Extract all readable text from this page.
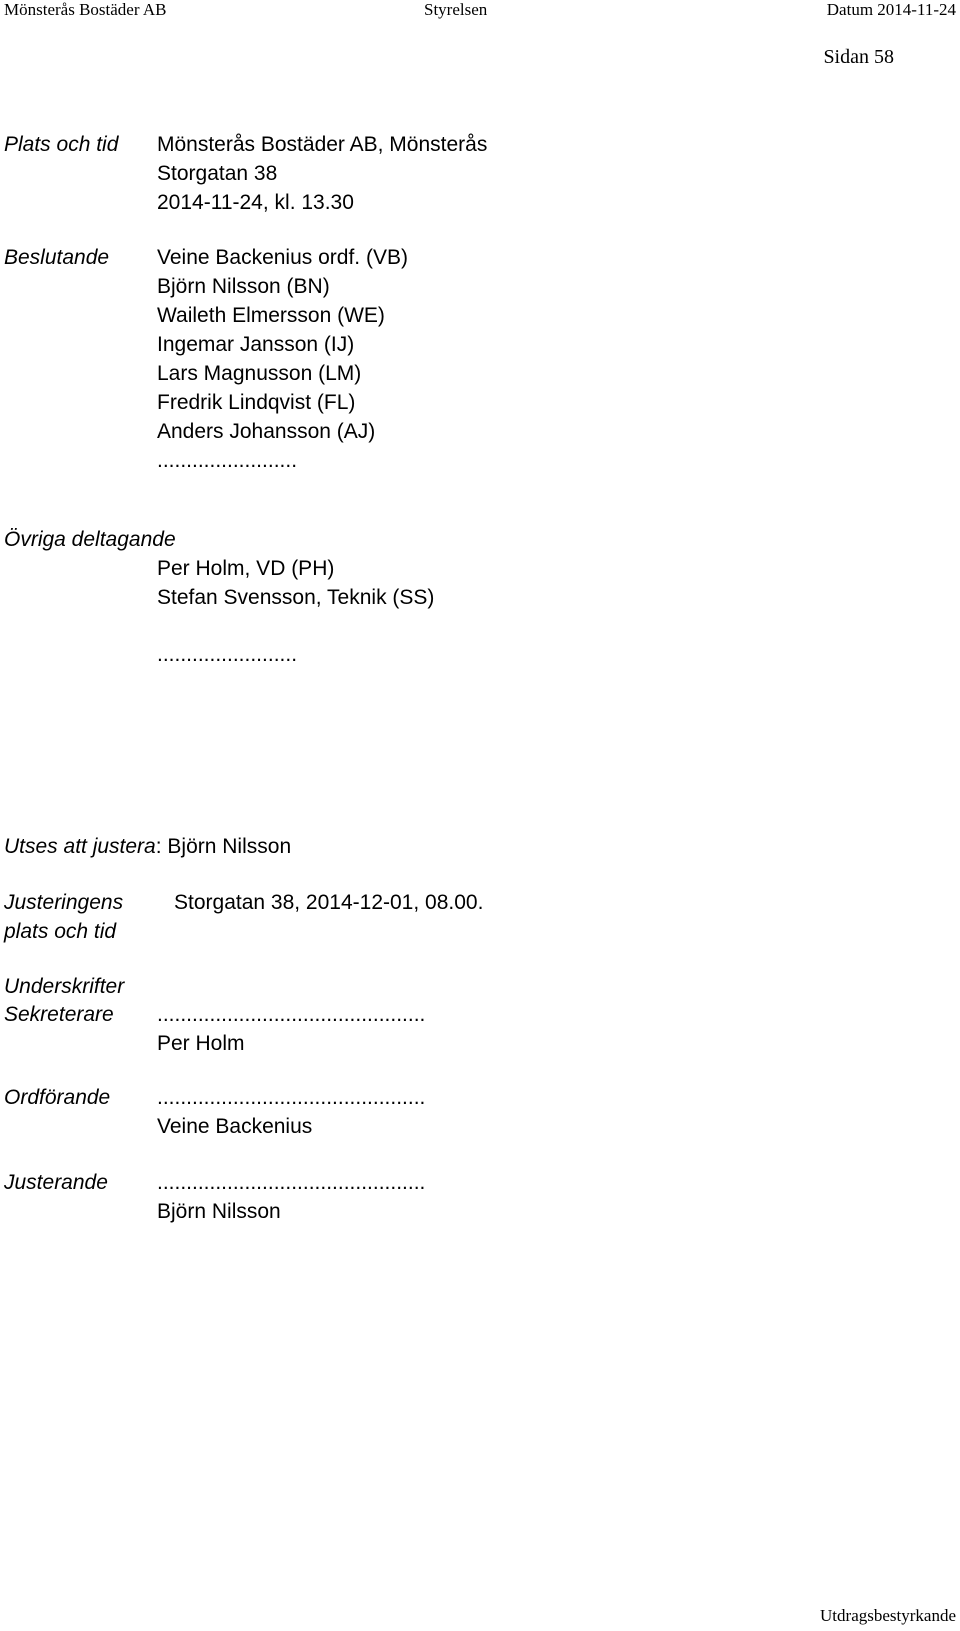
Mönsterås Bostäder AB	Styrelsen	Datum 2014-11-24
Sidan 58
Plats och tid Mönsterås Bostäder AB, Mönsterås
Storgatan 38
2014-11-24, kl. 13.30
Beslutande Veine Backenius ordf. (VB)
Björn Nilsson (BN)
Waileth Elmersson (WE)
Ingemar Jansson (IJ)
Lars Magnusson (LM)
Fredrik Lindqvist (FL)
Anders Johansson (AJ)
........................
Övriga deltagande
Per Holm, VD (PH)
Stefan Svensson, Teknik (SS)
........................
Utses att justera: Björn Nilsson
Justeringens
plats och tid
Storgatan 38, 2014-12-01, 08.00.
Underskrifter
Sekreterare ..............................................
Per Holm
Ordförande ..............................................
Veine Backenius
Justerande ..............................................
Björn Nilsson
Utdragsbestyrkande
